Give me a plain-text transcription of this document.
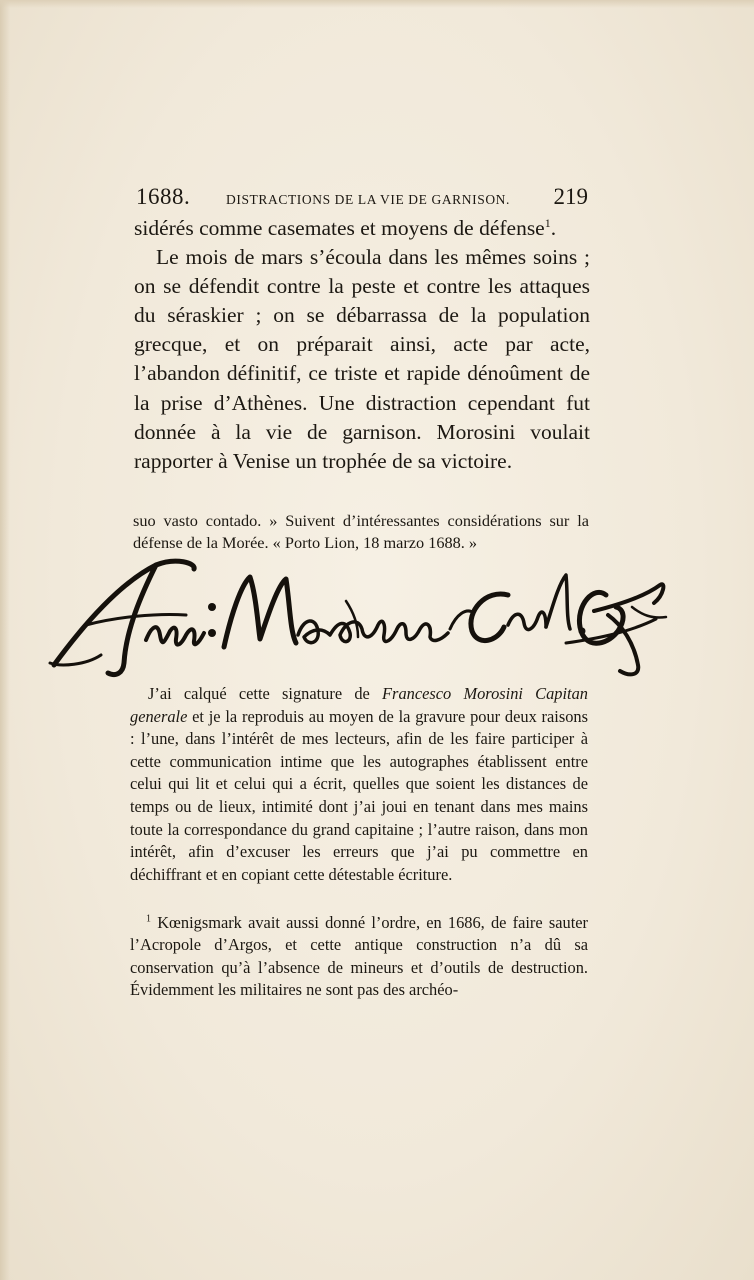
1688.	DISTRACTIONS DE LA VIE DE GARNISON. 219

sidérés comme casemates et moyens de défense$^1$.

Le mois de mars s’écoula dans les mêmes soins ; on se défendit contre la peste et contre les attaques du séraskier ; on se débarrassa de la population grecque, et on préparait ainsi, acte par acte, l’abandon définitif, ce triste et rapide dénoûment de la prise d’Athènes. Une distraction cependant fut donnée à la vie de garnison. Morosini voulait rapporter à Venise un trophée de sa victoire.

suo vasto contado. » Suivent d’intéressantes considérations sur la défense de la Morée. « Porto Lion, 18 marzo 1688. »

J’ai calqué cette signature de Francesco Morosini Capitan generale et je la reproduis au moyen de la gravure pour deux raisons : l’une, dans l’intérêt de mes lecteurs, afin de les faire participer à cette communication intime que les autographes établissent entre celui qui lit et celui qui a écrit, quelles que soient les distances de temps ou de lieux, intimité dont j’ai joui en tenant dans mes mains toute la correspondance du grand capitaine ; l’autre raison, dans mon intérêt, afin d’excuser les erreurs que j’ai pu commettre en déchiffrant et en copiant cette détestable écriture.

$^1$ Kœnigsmark avait aussi donné l’ordre, en 1686, de faire sauter l’Acropole d’Argos, et cette antique construction n’a dû sa conservation qu’à l’absence de mineurs et d’outils de destruction. Évidemment les militaires ne sont pas des archéo-
